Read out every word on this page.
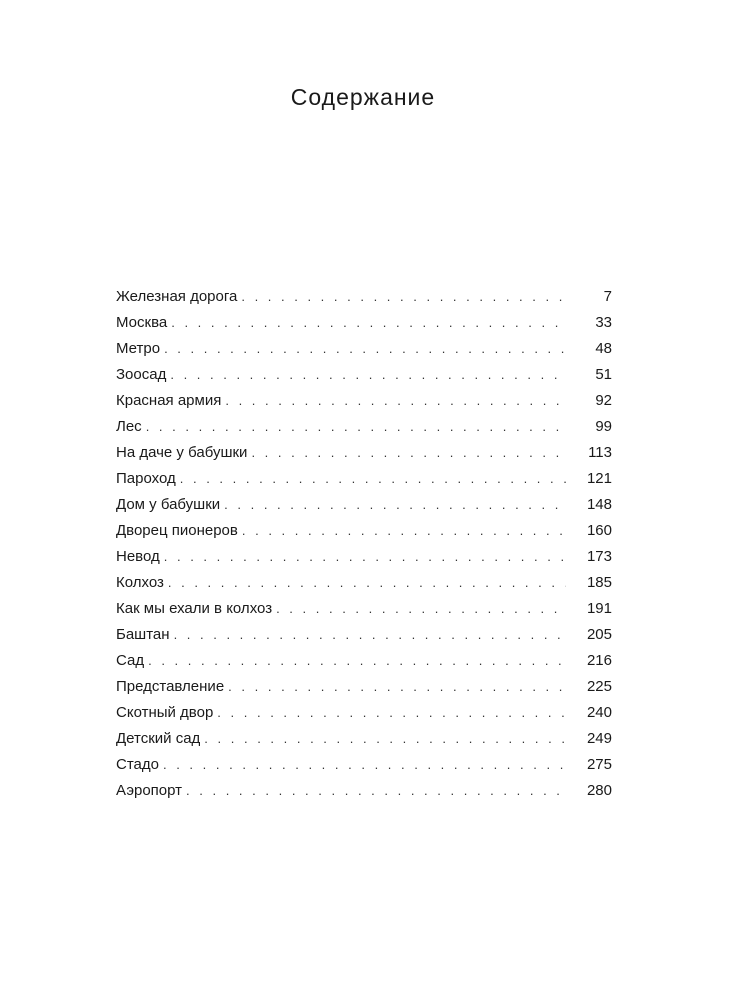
Содержание
Железная дорога . . .	7
Москва . . .	33
Метро . . .	48
Зоосад . . .	51
Красная армия . . .	92
Лес . . .	99
На даче у бабушки . . .	113
Пароход . . .	121
Дом у бабушки . . .	148
Дворец пионеров . . .	160
Невод . . .	173
Колхоз . . .	185
Как мы ехали в колхоз . . .	191
Баштан . . .	205
Сад . . .	216
Представление . . .	225
Скотный двор . . .	240
Детский сад . . .	249
Стадо . . .	275
Аэропорт . . .	280
